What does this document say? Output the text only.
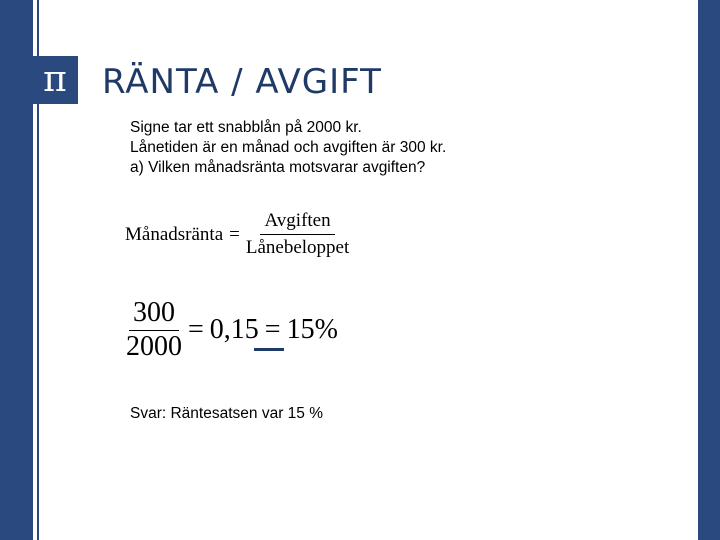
π RÄNTA / AVGIFT
Signe tar ett snabblån på 2000 kr.
Lånetiden är en månad och avgiften är 300 kr.
a) Vilken månadsränta motsvarar avgiften?
Månadsränta = $\frac{\text{Avgiften}}{\text{Lånebeloppet}}$
$\frac{300}{2000} = 0,15 = 15\%$
Svar: Räntesatsen var 15 %
